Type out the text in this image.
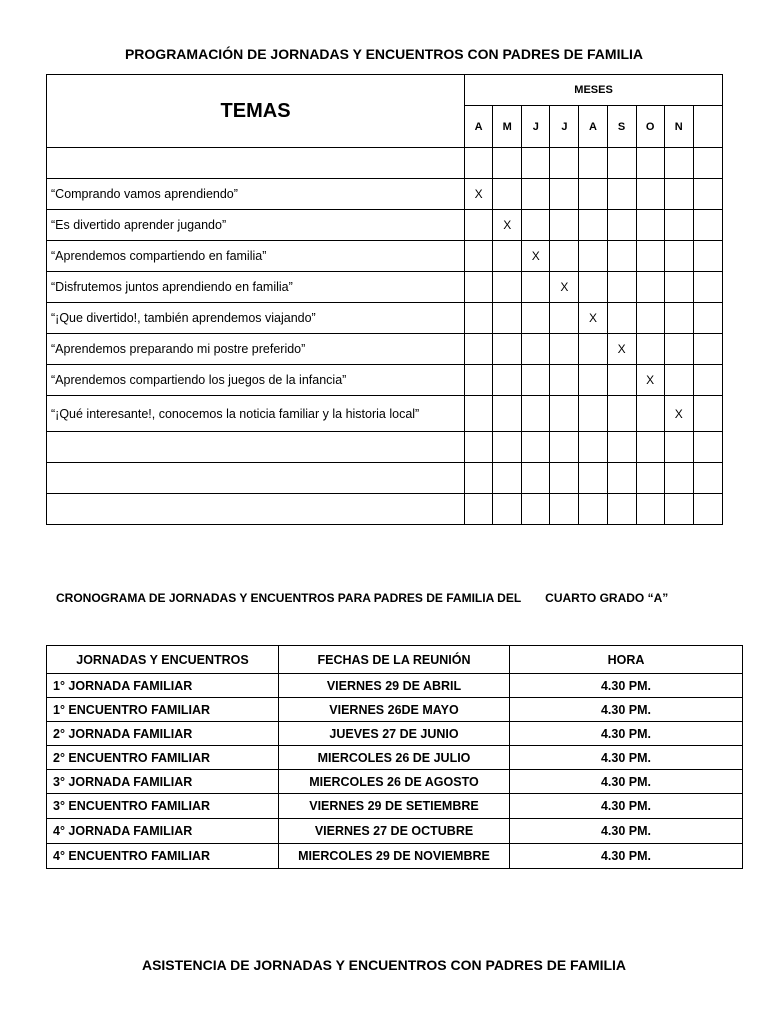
PROGRAMACIÓN DE JORNADAS Y ENCUENTROS CON PADRES DE FAMILIA
TEMAS	MESES								
	A	M	J	J	A	S	O	N	

“Comprando vamos aprendiendo”	X								
“Es divertido aprender jugando”		X							
“Aprendemos compartiendo en familia”			X						
“Disfrutemos juntos aprendiendo en familia”				X					
“¡Que divertido!, también aprendemos viajando”					X				
“Aprendemos preparando mi postre preferido”						X			
“Aprendemos compartiendo los juegos de la infancia”							X		
“¡Qué interesante!, conocemos la noticia familiar y la historia local”								X	

CRONOGRAMA DE JORNADAS Y ENCUENTROS PARA PADRES DE FAMILIA DEL CUARTO GRADO “A”
JORNADAS Y ENCUENTROS	FECHAS DE LA REUNIÓN	HORA
1° JORNADA FAMILIAR	VIERNES 29 DE ABRIL	4.30 PM.
1° ENCUENTRO FAMILIAR	VIERNES 26DE MAYO	4.30 PM.
2° JORNADA FAMILIAR	JUEVES 27 DE JUNIO	4.30 PM.
2° ENCUENTRO FAMILIAR	MIERCOLES 26 DE JULIO	4.30 PM.
3° JORNADA FAMILIAR	MIERCOLES 26 DE AGOSTO	4.30 PM.
3° ENCUENTRO FAMILIAR	VIERNES 29 DE SETIEMBRE	4.30 PM.
4° JORNADA FAMILIAR	VIERNES 27 DE OCTUBRE	4.30 PM.
4° ENCUENTRO FAMILIAR	MIERCOLES 29 DE NOVIEMBRE	4.30 PM.
ASISTENCIA DE JORNADAS Y ENCUENTROS CON PADRES DE FAMILIA
